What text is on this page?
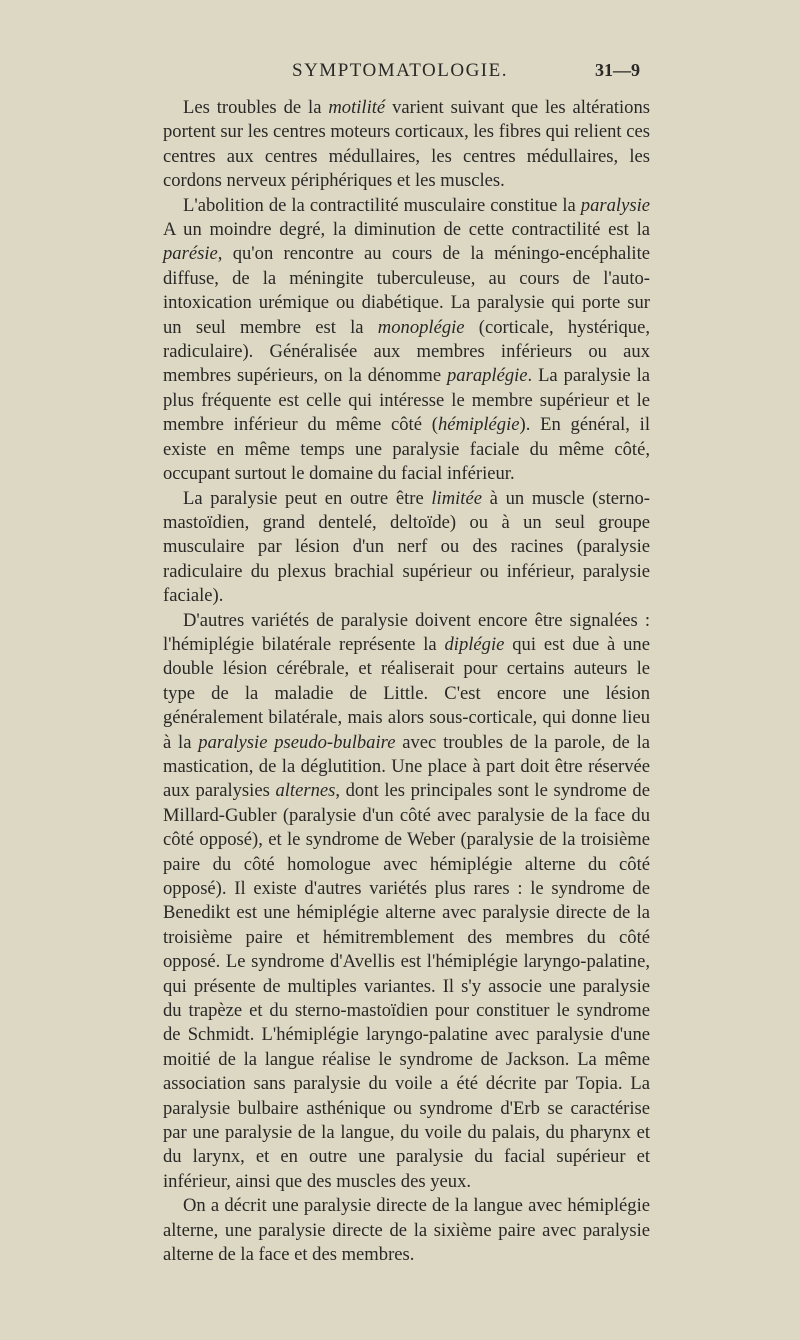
SYMPTOMATOLOGIE.	31—9

Les troubles de la motilité varient suivant que les altérations portent sur les centres moteurs corticaux, les fibres qui relient ces centres aux centres médullaires, les centres médullaires, les cordons nerveux périphériques et les muscles.

L'abolition de la contractilité musculaire constitue la paralysie A un moindre degré, la diminution de cette contractilité est la parésie, qu'on rencontre au cours de la méningo-encéphalite diffuse, de la méningite tuberculeuse, au cours de l'auto-intoxication urémique ou diabétique. La paralysie qui porte sur un seul membre est la monoplégie (corticale, hystérique, radiculaire). Généralisée aux membres inférieurs ou aux membres supérieurs, on la dénomme paraplégie. La paralysie la plus fréquente est celle qui intéresse le membre supérieur et le membre inférieur du même côté (hémiplégie). En général, il existe en même temps une paralysie faciale du même côté, occupant surtout le domaine du facial inférieur.

La paralysie peut en outre être limitée à un muscle (sterno-mastoïdien, grand dentelé, deltoïde) ou à un seul groupe musculaire par lésion d'un nerf ou des racines (paralysie radiculaire du plexus brachial supérieur ou inférieur, paralysie faciale).

D'autres variétés de paralysie doivent encore être signalées : l'hémiplégie bilatérale représente la diplégie qui est due à une double lésion cérébrale, et réaliserait pour certains auteurs le type de la maladie de Little. C'est encore une lésion généralement bilatérale, mais alors sous-corticale, qui donne lieu à la paralysie pseudo-bulbaire avec troubles de la parole, de la mastication, de la déglutition. Une place à part doit être réservée aux paralysies alternes, dont les principales sont le syndrome de Millard-Gubler (paralysie d'un côté avec paralysie de la face du côté opposé), et le syndrome de Weber (paralysie de la troisième paire du côté homologue avec hémiplégie alterne du côté opposé). Il existe d'autres variétés plus rares : le syndrome de Benedikt est une hémiplégie alterne avec paralysie directe de la troisième paire et hémitremblement des membres du côté opposé. Le syndrome d'Avellis est l'hémiplégie laryngo-palatine, qui présente de multiples variantes. Il s'y associe une paralysie du trapèze et du sterno-mastoïdien pour constituer le syndrome de Schmidt. L'hémiplégie laryngo-palatine avec paralysie d'une moitié de la langue réalise le syndrome de Jackson. La même association sans paralysie du voile a été décrite par Topia. La paralysie bulbaire asthénique ou syndrome d'Erb se caractérise par une paralysie de la langue, du voile du palais, du pharynx et du larynx, et en outre une paralysie du facial supérieur et inférieur, ainsi que des muscles des yeux.

On a décrit une paralysie directe de la langue avec hémiplégie alterne, une paralysie directe de la sixième paire avec paralysie alterne de la face et des membres.
